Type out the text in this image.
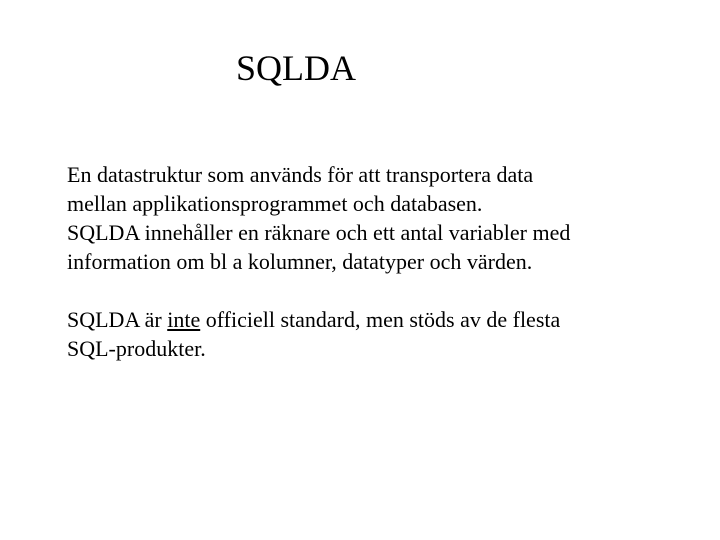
SQLDA
En datastruktur som används för att transportera data
mellan applikationsprogrammet och databasen.
SQLDA innehåller en räknare och ett antal variabler med
information om bl a kolumner, datatyper och värden.
SQLDA är inte officiell standard, men stöds av de flesta
SQL-produkter.
